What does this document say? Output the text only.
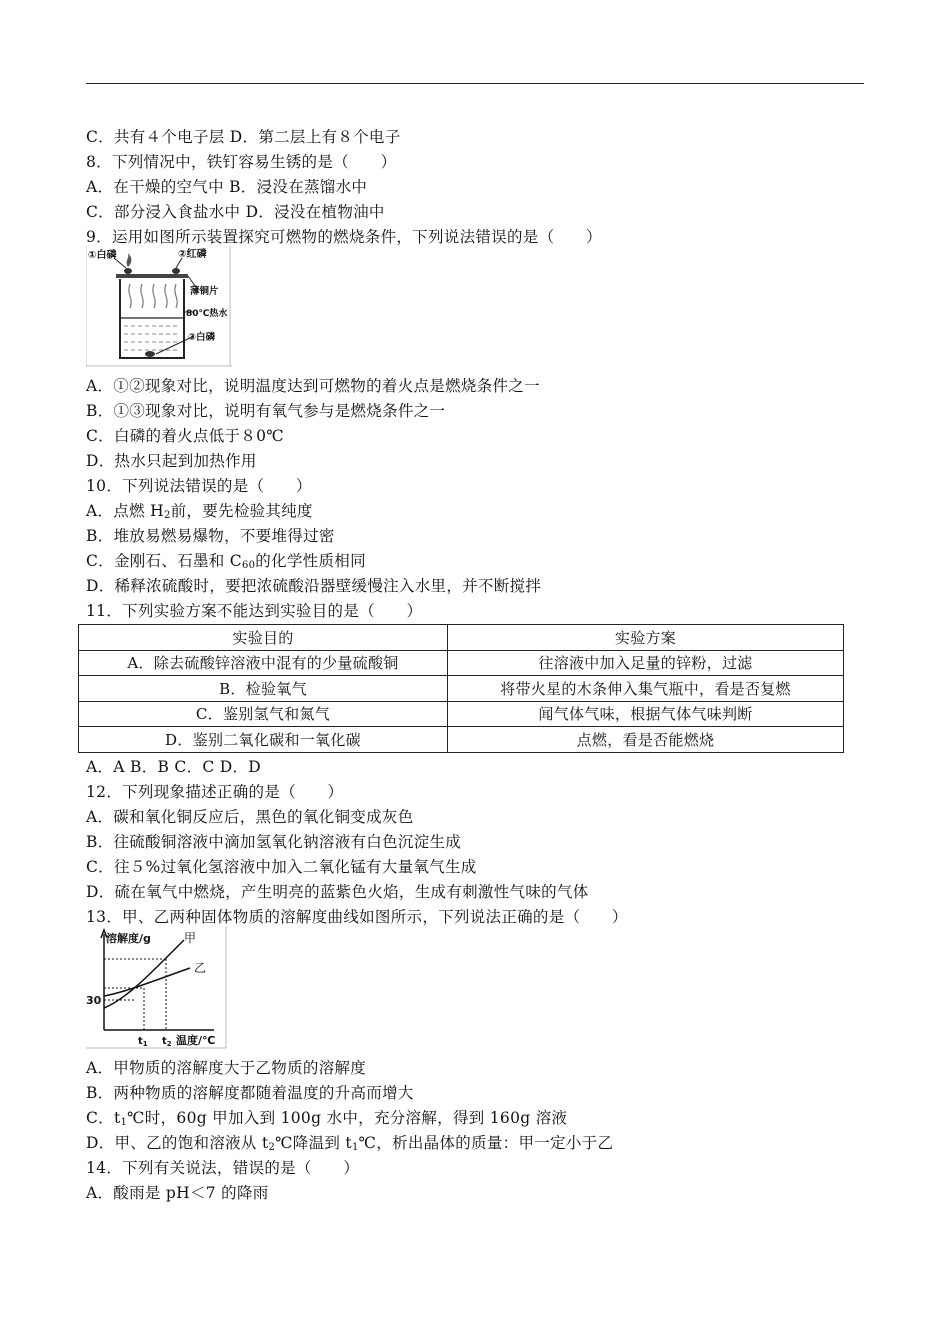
C．共有４个电子层 D．第二层上有８个电子
8．下列情况中，铁钉容易生锈的是（　　）
A．在干燥的空气中 B．浸没在蒸馏水中
C．部分浸入食盐水中 D．浸没在植物油中
9．运用如图所示装置探究可燃物的燃烧条件，下列说法错误的是（　　）
①白磷	②红磷
薄铜片
80℃热水
③白磷
A．①②现象对比，说明温度达到可燃物的着火点是燃烧条件之一
B．①③现象对比，说明有氧气参与是燃烧条件之一
C．白磷的着火点低于８0℃
D．热水只起到加热作用
10．下列说法错误的是（　　）
A．点燃 $H_2$前，要先检验其纯度
B．堆放易燃易爆物，不要堆得过密
C．金刚石、石墨和 $C_{60}$的化学性质相同
D．稀释浓硫酸时，要把浓硫酸沿器壁缓慢注入水里，并不断搅拌
11．下列实验方案不能达到实验目的是（　　）
实验目的	实验方案
A．除去硫酸锌溶液中混有的少量硫酸铜	往溶液中加入足量的锌粉，过滤
B．检验氧气	将带火星的木条伸入集气瓶中，看是否复燃
C．鉴别氢气和氮气	闻气体气味，根据气体气味判断
D．鉴别二氧化碳和一氧化碳	点燃，看是否能燃烧
A．A B．B C．C D．D
12．下列现象描述正确的是（　　）
A．碳和氧化铜反应后，黑色的氧化铜变成灰色
B．往硫酸铜溶液中滴加氢氧化钠溶液有白色沉淀生成
C．往５%过氧化氢溶液中加入二氧化锰有大量氧气生成
D．硫在氧气中燃烧，产生明亮的蓝紫色火焰，生成有刺激性气味的气体
13．甲、乙两种固体物质的溶解度曲线如图所示，下列说法正确的是（　　）
溶解度/g	甲
乙
30
$t_1$ $t_2$ 温度/℃
A．甲物质的溶解度大于乙物质的溶解度
B．两种物质的溶解度都随着温度的升高而增大
C．$t_1℃$时，60g 甲加入到 100g 水中，充分溶解，得到 160g 溶液
D．甲、乙的饱和溶液从 $t_2℃$降温到 $t_1℃$，析出晶体的质量：甲一定小于乙
14．下列有关说法，错误的是（　　）
A．酸雨是 pH＜7 的降雨
